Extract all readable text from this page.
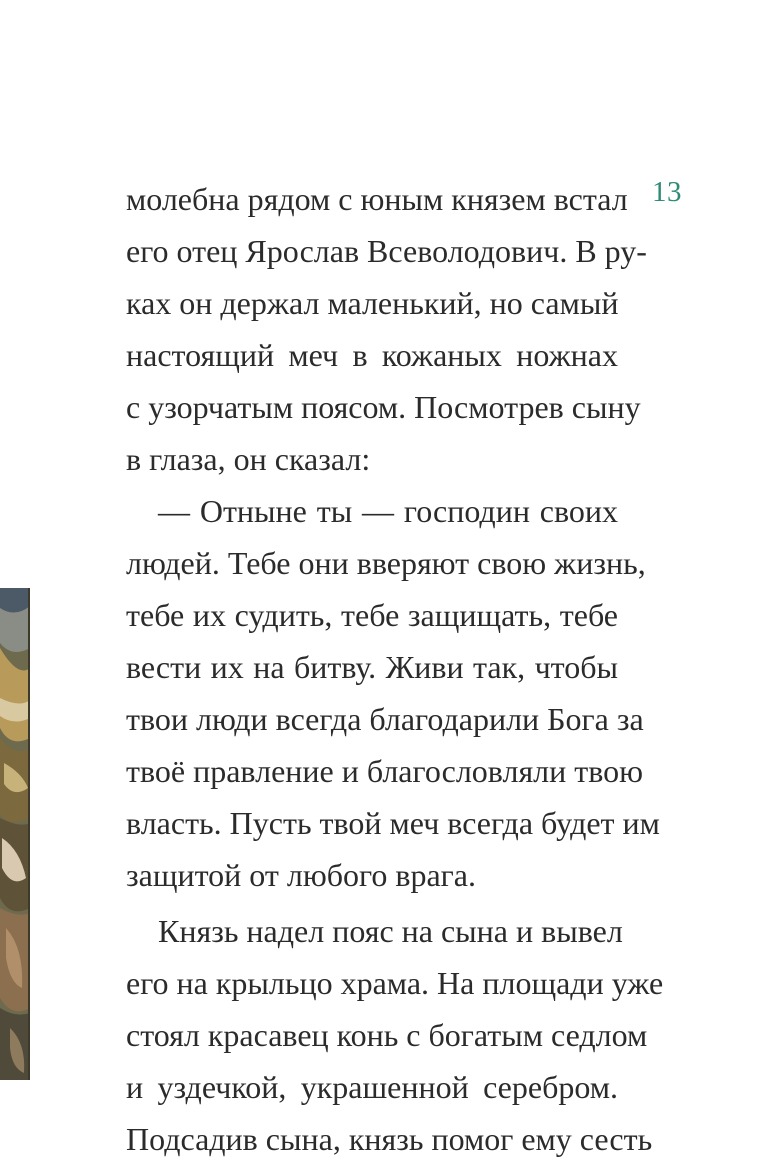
13
молебна рядом с юным князем встал
его отец Ярослав Всеволодович. В ру-
ках он держал маленький, но самый
настоящий меч в кожаных ножнах
с узорчатым поясом. Посмотрев сыну
в глаза, он сказал:
— Отныне ты — господин своих
людей. Тебе они вверяют свою жизнь,
тебе их судить, тебе защищать, тебе
вести их на битву. Живи так, чтобы
твои люди всегда благодарили Бога за
твоё правление и благословляли твою
власть. Пусть твой меч всегда будет им
защитой от любого врага.
Князь надел пояс на сына и вывел
его на крыльцо храма. На площади уже
стоял красавец конь с богатым седлом
и уздечкой, украшенной серебром.
Подсадив сына, князь помог ему сесть
